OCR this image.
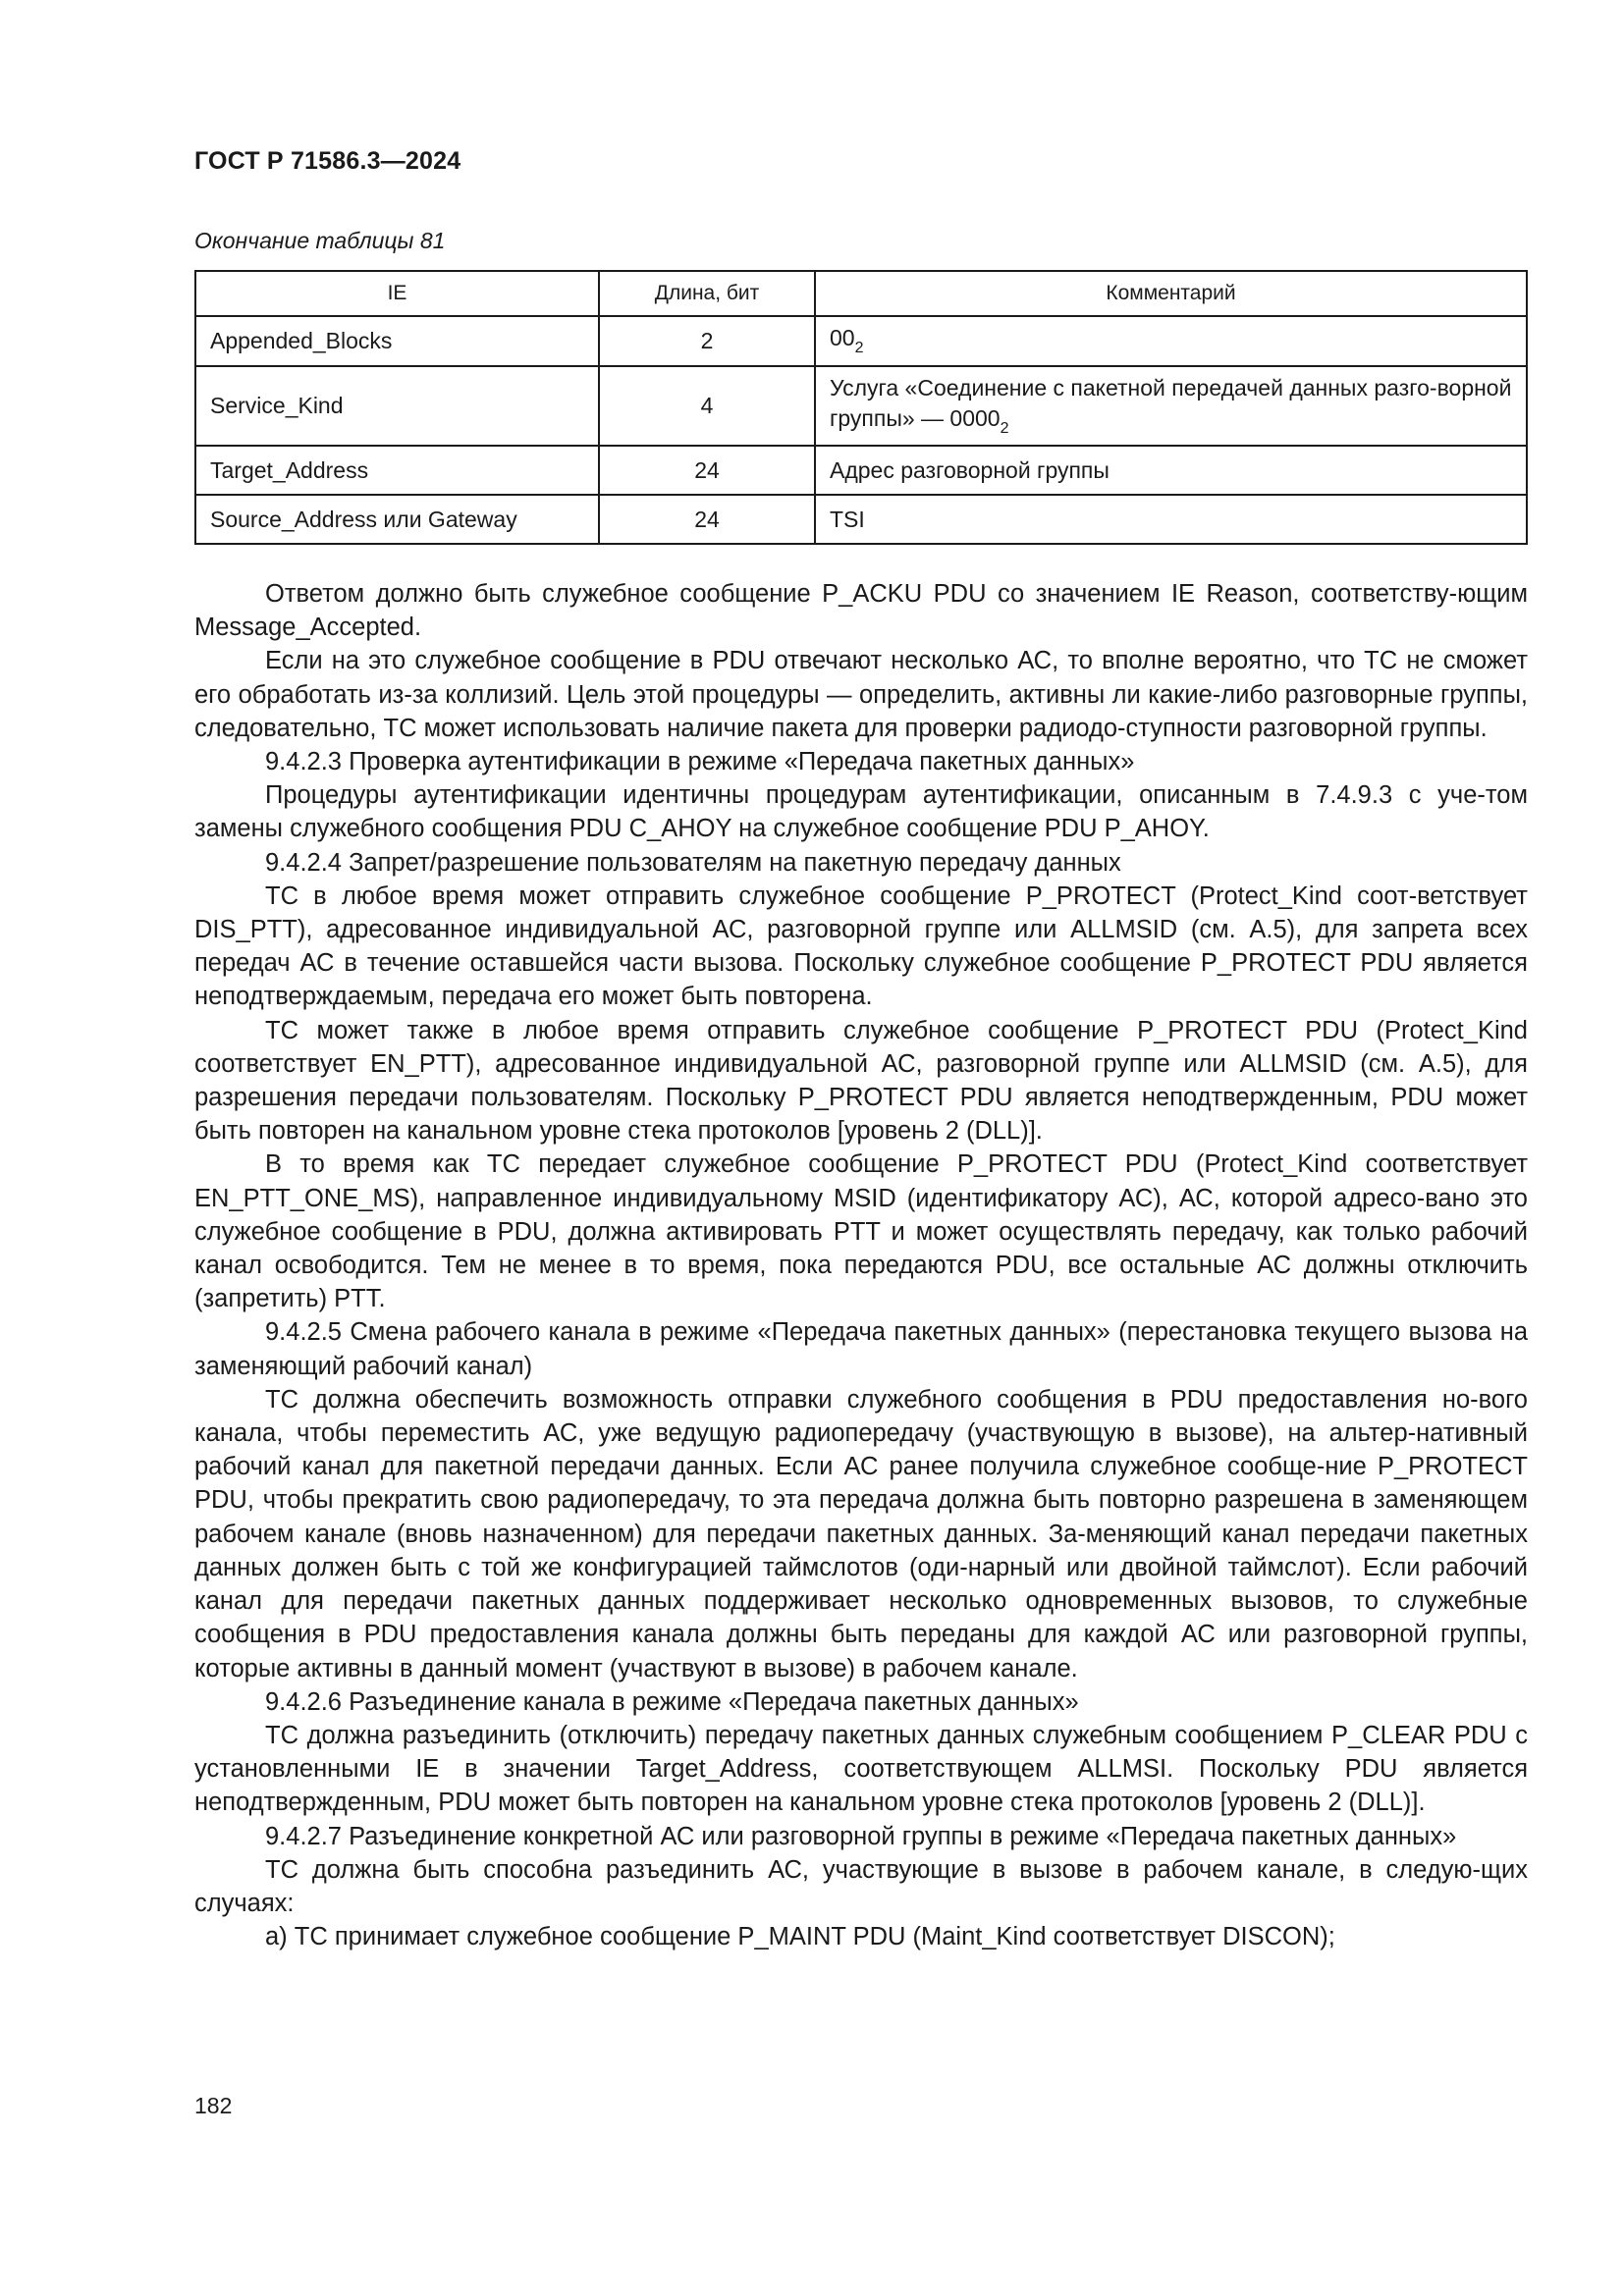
ГОСТ Р 71586.3—2024
Окончание таблицы 81
IE	Длина, бит	Комментарий
Appended_Blocks	2	$00_2$
Service_Kind	4	Услуга «Соединение с пакетной передачей данных разго-ворной группы» — $0000_2$
Target_Address	24	Адрес разговорной группы
Source_Address или Gateway	24	TSI

Ответом должно быть служебное сообщение P_ACKU PDU со значением IE Reason, соответству-ющим Message_Accepted.

Если на это служебное сообщение в PDU отвечают несколько АС, то вполне вероятно, что ТС не сможет его обработать из-за коллизий. Цель этой процедуры — определить, активны ли какие-либо разговорные группы, следовательно, ТС может использовать наличие пакета для проверки радиодо-ступности разговорной группы.

9.4.2.3 Проверка аутентификации в режиме «Передача пакетных данных»

Процедуры аутентификации идентичны процедурам аутентификации, описанным в 7.4.9.3 с уче-том замены служебного сообщения PDU C_AHOY на служебное сообщение PDU P_AHOY.

9.4.2.4 Запрет/разрешение пользователям на пакетную передачу данных

ТС в любое время может отправить служебное сообщение P_PROTECT (Protect_Kind соот-ветствует DIS_PTT), адресованное индивидуальной АС, разговорной группе или ALLMSID (см. А.5), для запрета всех передач АС в течение оставшейся части вызова. Поскольку служебное сообщение P_PROTECT PDU является неподтверждаемым, передача его может быть повторена.

ТС может также в любое время отправить служебное сообщение P_PROTECT PDU (Protect_Kind соответствует EN_PTT), адресованное индивидуальной АС, разговорной группе или ALLMSID (см. А.5), для разрешения передачи пользователям. Поскольку P_PROTECT PDU является неподтвержденным, PDU может быть повторен на канальном уровне стека протоколов [уровень 2 (DLL)].

В то время как ТС передает служебное сообщение P_PROTECT PDU (Protect_Kind соответствует EN_PTT_ONE_MS), направленное индивидуальному MSID (идентификатору АС), АС, которой адресо-вано это служебное сообщение в PDU, должна активировать PTT и может осуществлять передачу, как только рабочий канал освободится. Тем не менее в то время, пока передаются PDU, все остальные АС должны отключить (запретить) PTT.

9.4.2.5 Смена рабочего канала в режиме «Передача пакетных данных» (перестановка текущего вызова на заменяющий рабочий канал)

ТС должна обеспечить возможность отправки служебного сообщения в PDU предоставления но-вого канала, чтобы переместить АС, уже ведущую радиопередачу (участвующую в вызове), на альтер-нативный рабочий канал для пакетной передачи данных. Если АС ранее получила служебное сообще-ние P_PROTECT PDU, чтобы прекратить свою радиопередачу, то эта передача должна быть повторно разрешена в заменяющем рабочем канале (вновь назначенном) для передачи пакетных данных. За-меняющий канал передачи пакетных данных должен быть с той же конфигурацией таймслотов (оди-нарный или двойной таймслот). Если рабочий канал для передачи пакетных данных поддерживает несколько одновременных вызовов, то служебные сообщения в PDU предоставления канала должны быть переданы для каждой АС или разговорной группы, которые активны в данный момент (участвуют в вызове) в рабочем канале.

9.4.2.6 Разъединение канала в режиме «Передача пакетных данных»

ТС должна разъединить (отключить) передачу пакетных данных служебным сообщением P_CLEAR PDU с установленными IE в значении Target_Address, соответствующем ALLMSI. Поскольку PDU является неподтвержденным, PDU может быть повторен на канальном уровне стека протоколов [уровень 2 (DLL)].

9.4.2.7 Разъединение конкретной АС или разговорной группы в режиме «Передача пакетных данных»

ТС должна быть способна разъединить АС, участвующие в вызове в рабочем канале, в следую-щих случаях:

а) ТС принимает служебное сообщение P_MAINT PDU (Maint_Kind соответствует DISCON);

182
